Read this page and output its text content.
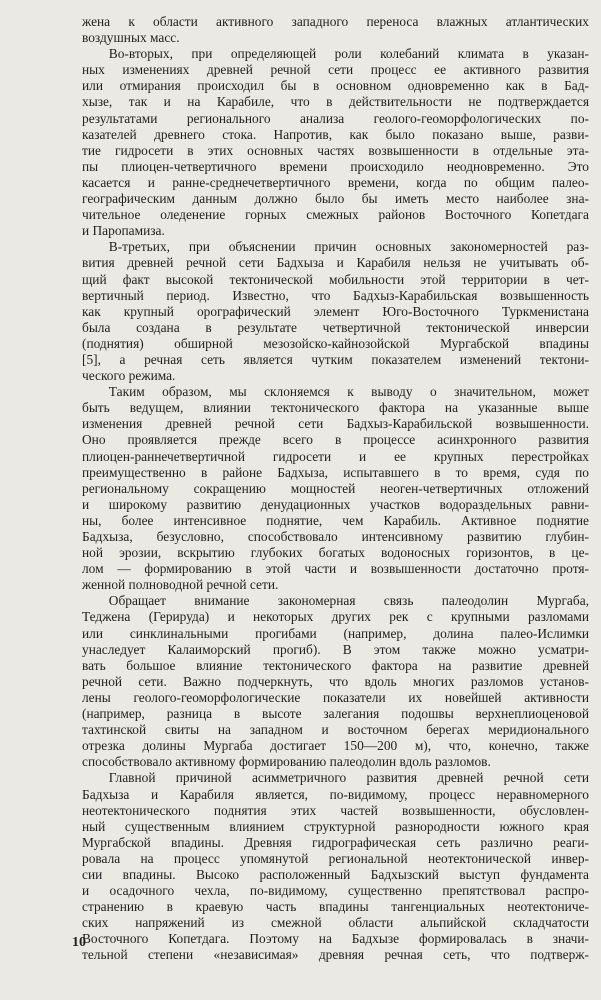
жена к области активного западного переноса влажных атлантических
воздушных масс.
  Во-вторых, при определяющей роли колебаний климата в указан-
ных изменениях древней речной сети процесс ее активного развития
или отмирания происходил бы в основном одновременно как в Бад-
хызе, так и на Карабиле, что в действительности не подтверждается
результатами регионального анализа геолого-геоморфологических по-
казателей древнего стока. Напротив, как было показано выше, разви-
тие гидросети в этих основных частях возвышенности в отдельные эта-
пы плиоцен-четвертичного времени происходило неодновременно. Это
касается и ранне-среднечетвертичного времени, когда по общим палео-
географическим данным должно было бы иметь место наиболее зна-
чительное оледенение горных смежных районов Восточного Копетдага
и Паропамиза.
  В-третьих, при объяснении причин основных закономерностей раз-
вития древней речной сети Бадхыза и Карабиля нельзя не учитывать об-
щий факт высокой тектонической мобильности этой территории в чет-
вертичный период. Известно, что Бадхыз-Карабильская возвышенность
как крупный орографический элемент Юго-Восточного Туркменистана
была создана в результате четвертичной тектонической инверсии
(поднятия) обширной мезозойско-кайнозойской Мургабской впадины
[5], а речная сеть является чутким показателем изменений тектони-
ческого режима.
  Таким образом, мы склоняемся к выводу о значительном, может
быть ведущем, влиянии тектонического фактора на указанные выше
изменения древней речной сети Бадхыз-Карабильской возвышенности.
Оно проявляется прежде всего в процессе асинхронного развития
плиоцен-раннечетвертичной гидросети и ее крупных перестройках
преимущественно в районе Бадхыза, испытавшего в то время, судя по
региональному сокращению мощностей неоген-четвертичных отложений
и широкому развитию денудационных участков водораздельных равни-
ны, более интенсивное поднятие, чем Карабиль. Активное поднятие
Бадхыза, безусловно, способствовало интенсивному развитию глубин-
ной эрозии, вскрытию глубоких богатых водоносных горизонтов, в це-
лом — формированию в этой части и возвышенности достаточно протя-
женной полноводной речной сети.
  Обращает внимание закономерная связь палеодолин Мургаба,
Теджена (Герируда) и некоторых других рек с крупными разломами
или синклинальными прогибами (например, долина палео-Ислимки
унаследует Калаиморский прогиб). В этом также можно усматри-
вать большое влияние тектонического фактора на развитие древней
речной сети. Важно подчеркнуть, что вдоль многих разломов установ-
лены геолого-геоморфологические показатели их новейшей активности
(например, разница в высоте залегания подошвы верхнеплиоценовой
тахтинской свиты на западном и восточном берегах меридионального
отрезка долины Мургаба достигает 150—200 м), что, конечно, также
способствовало активному формированию палеодолин вдоль разломов.
  Главной причиной асимметричного развития древней речной сети
Бадхыза и Карабиля является, по-видимому, процесс неравномерного
неотектонического поднятия этих частей возвышенности, обусловлен-
ный существенным влиянием структурной разнородности южного края
Мургабской впадины. Древняя гидрографическая сеть различно реаги-
ровала на процесс упомянутой региональной неотектонической инвер-
сии впадины. Высоко расположенный Бадхызский выступ фундамента
и осадочного чехла, по-видимому, существенно препятствовал распро-
странению в краевую часть впадины тангенциальных неотектониче-
ских напряжений из смежной области альпийской складчатости
Восточного Копетдага. Поэтому на Бадхызе формировалась в значи-
тельной степени «независимая» древняя речная сеть, что подтверж-
10
